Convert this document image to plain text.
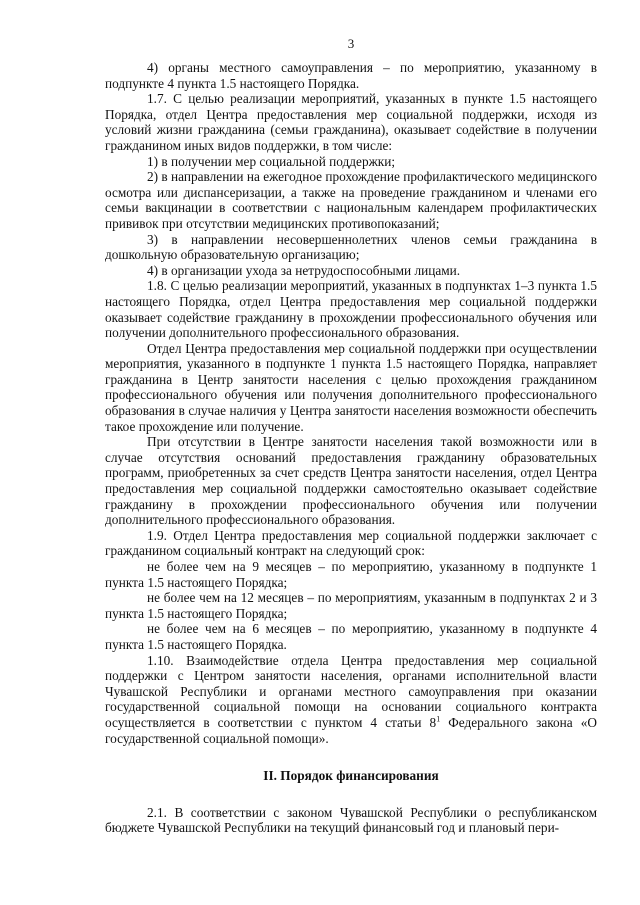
3

4) органы местного самоуправления – по мероприятию, указанному в подпункте 4 пункта 1.5 настоящего Порядка.

1.7. С целью реализации мероприятий, указанных в пункте 1.5 настоящего Порядка, отдел Центра предоставления мер социальной поддержки, исходя из условий жизни гражданина (семьи гражданина), оказывает содействие в получении гражданином иных видов поддержки, в том числе:

1) в получении мер социальной поддержки;

2) в направлении на ежегодное прохождение профилактического медицинского осмотра или диспансеризации, а также на проведение гражданином и членами его семьи вакцинации в соответствии с национальным календарем профилактических прививок при отсутствии медицинских противопоказаний;

3) в направлении несовершеннолетних членов семьи гражданина в дошкольную образовательную организацию;

4) в организации ухода за нетрудоспособными лицами.

1.8. С целью реализации мероприятий, указанных в подпунктах 1–3 пункта 1.5 настоящего Порядка, отдел Центра предоставления мер социальной поддержки оказывает содействие гражданину в прохождении профессионального обучения или получении дополнительного профессионального образования.

Отдел Центра предоставления мер социальной поддержки при осуществлении мероприятия, указанного в подпункте 1 пункта 1.5 настоящего Порядка, направляет гражданина в Центр занятости населения с целью прохождения гражданином профессионального обучения или получения дополнительного профессионального образования в случае наличия у Центра занятости населения возможности обеспечить такое прохождение или получение.

При отсутствии в Центре занятости населения такой возможности или в случае отсутствия оснований предоставления гражданину образовательных программ, приобретенных за счет средств Центра занятости населения, отдел Центра предоставления мер социальной поддержки самостоятельно оказывает содействие гражданину в прохождении профессионального обучения или получении дополнительного профессионального образования.

1.9. Отдел Центра предоставления мер социальной поддержки заключает с гражданином социальный контракт на следующий срок:

не более чем на 9 месяцев – по мероприятию, указанному в подпункте 1 пункта 1.5 настоящего Порядка;

не более чем на 12 месяцев – по мероприятиям, указанным в подпунктах 2 и 3 пункта 1.5 настоящего Порядка;

не более чем на 6 месяцев – по мероприятию, указанному в подпункте 4 пункта 1.5 настоящего Порядка.

1.10. Взаимодействие отдела Центра предоставления мер социальной поддержки с Центром занятости населения, органами исполнительной власти Чувашской Республики и органами местного самоуправления при оказании государственной социальной помощи на основании социального контракта осуществляется в соответствии с пунктом 4 статьи $8^1$ Федерального закона «О государственной социальной помощи».

II. Порядок финансирования

2.1. В соответствии с законом Чувашской Республики о республиканском бюджете Чувашской Республики на текущий финансовый год и плановый пери-
